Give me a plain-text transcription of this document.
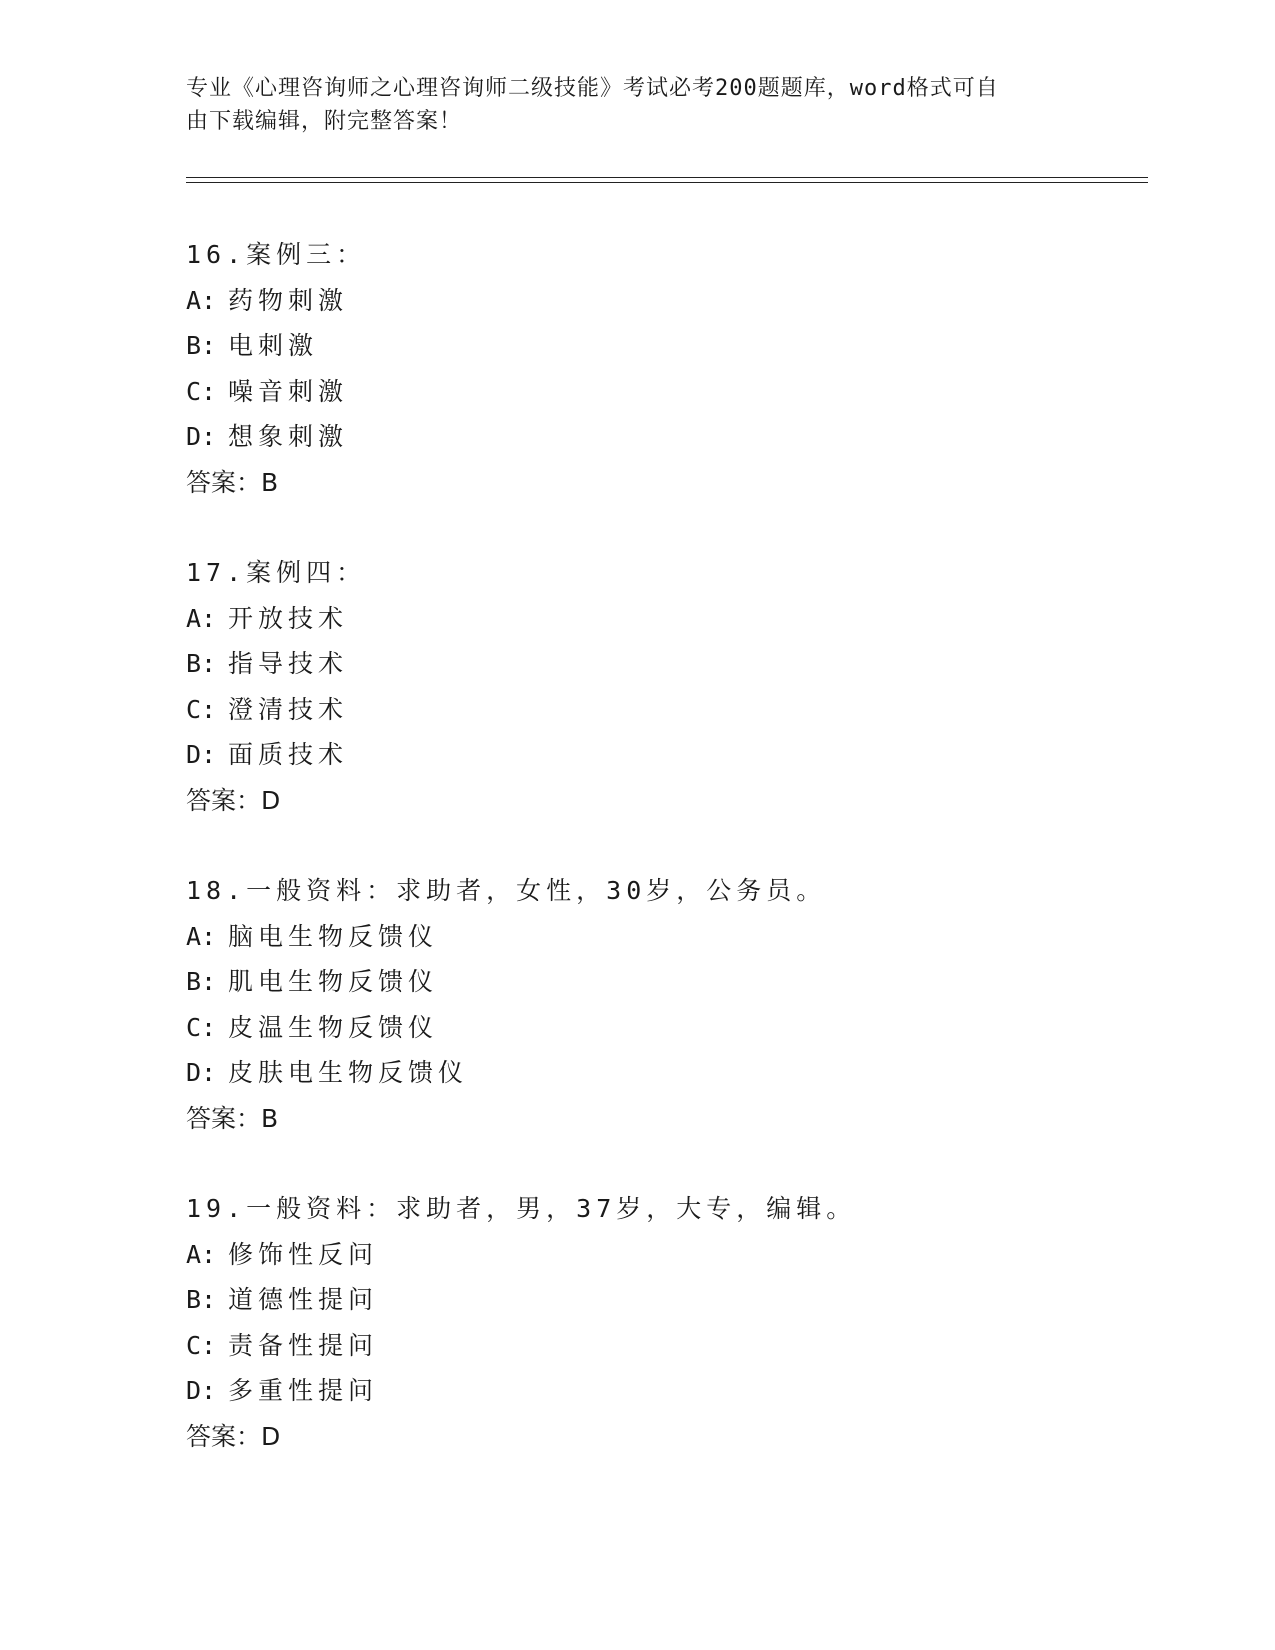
专业《心理咨询师之心理咨询师二级技能》考试必考200题题库，word格式可自
由下载编辑，附完整答案！
16.案例三：
A: 药物刺激
B: 电刺激
C: 噪音刺激
D: 想象刺激
答案：B
17.案例四：
A: 开放技术
B: 指导技术
C: 澄清技术
D: 面质技术
答案：D
18.一般资料：求助者，女性，30岁，公务员。
A: 脑电生物反馈仪
B: 肌电生物反馈仪
C: 皮温生物反馈仪
D: 皮肤电生物反馈仪
答案：B
19.一般资料：求助者，男，37岁，大专，编辑。
A: 修饰性反问
B: 道德性提问
C: 责备性提问
D: 多重性提问
答案：D
